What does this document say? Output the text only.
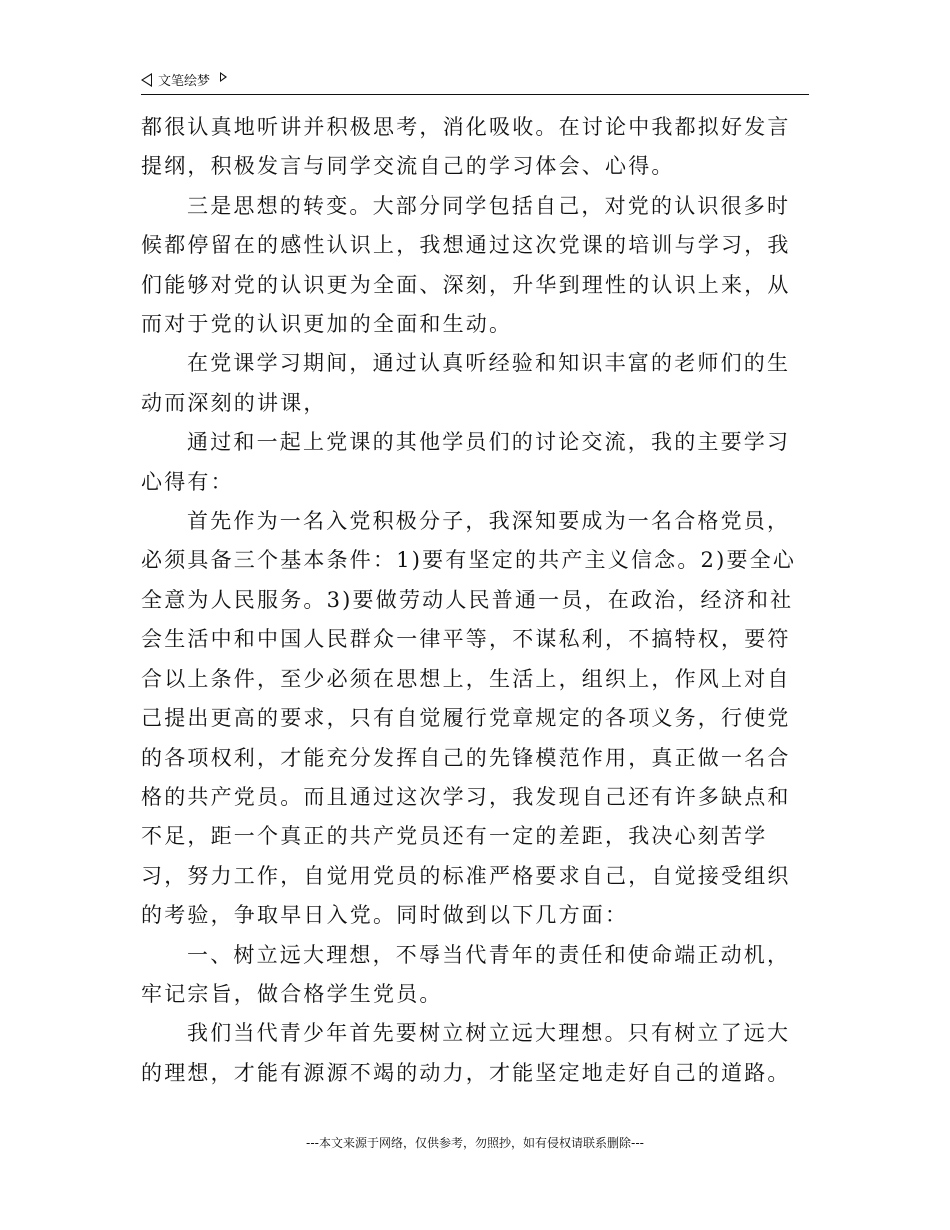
文笔绘梦

都很认真地听讲并积极思考，消化吸收。在讨论中我都拟好发言提纲，积极发言与同学交流自己的学习体会、心得。

三是思想的转变。大部分同学包括自己，对党的认识很多时候都停留在的感性认识上，我想通过这次党课的培训与学习，我们能够对党的认识更为全面、深刻，升华到理性的认识上来，从而对于党的认识更加的全面和生动。

在党课学习期间，通过认真听经验和知识丰富的老师们的生动而深刻的讲课，

通过和一起上党课的其他学员们的讨论交流，我的主要学习心得有：

首先作为一名入党积极分子，我深知要成为一名合格党员，必须具备三个基本条件：1)要有坚定的共产主义信念。2)要全心全意为人民服务。3)要做劳动人民普通一员，在政治，经济和社会生活中和中国人民群众一律平等，不谋私利，不搞特权，要符合以上条件，至少必须在思想上，生活上，组织上，作风上对自己提出更高的要求，只有自觉履行党章规定的各项义务，行使党的各项权利，才能充分发挥自己的先锋模范作用，真正做一名合格的共产党员。而且通过这次学习，我发现自己还有许多缺点和不足，距一个真正的共产党员还有一定的差距，我决心刻苦学习，努力工作，自觉用党员的标准严格要求自己，自觉接受组织的考验，争取早日入党。同时做到以下几方面：

一、树立远大理想，不辱当代青年的责任和使命端正动机，牢记宗旨，做合格学生党员。

我们当代青少年首先要树立树立远大理想。只有树立了远大的理想，才能有源源不竭的动力，才能坚定地走好自己的道路。

---本文来源于网络，仅供参考，勿照抄，如有侵权请联系删除---
